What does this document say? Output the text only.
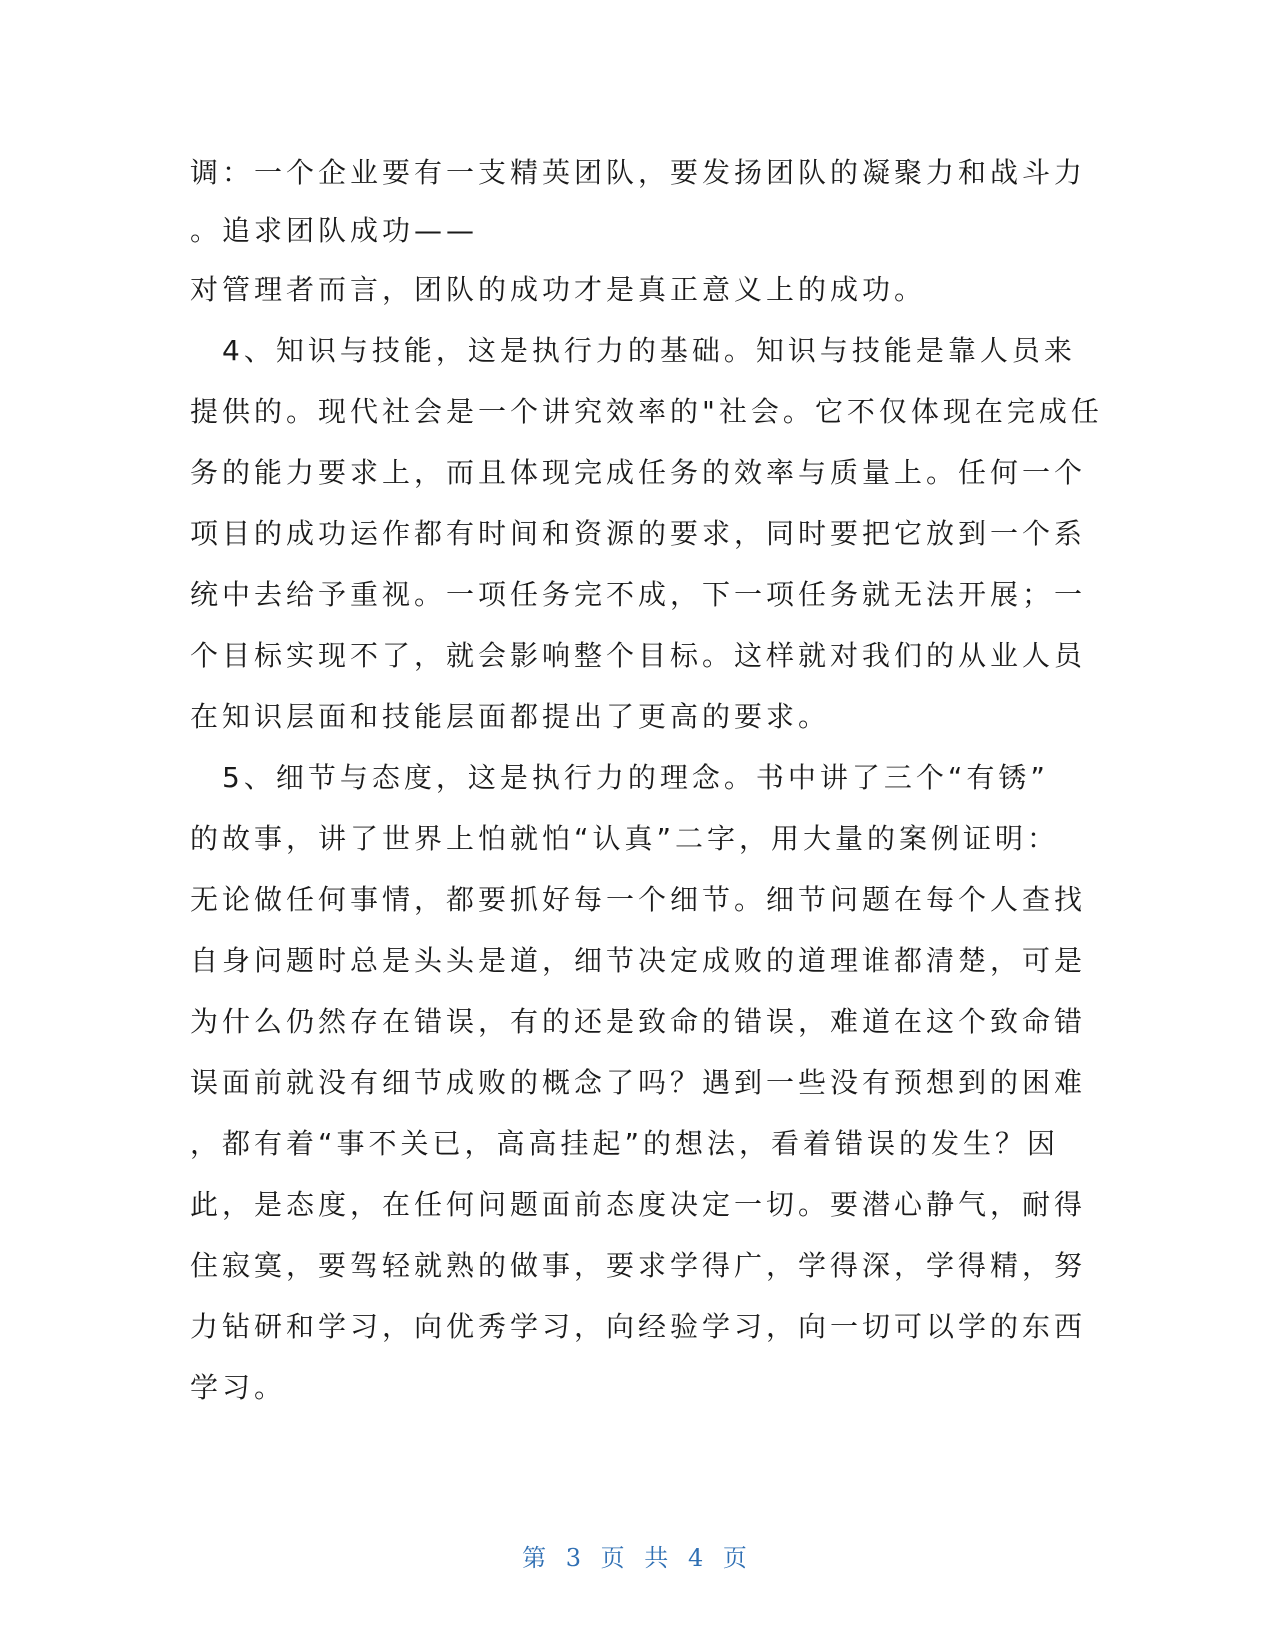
调：一个企业要有一支精英团队，要发扬团队的凝聚力和战斗力
。追求团队成功——
对管理者而言，团队的成功才是真正意义上的成功。
　4、知识与技能，这是执行力的基础。知识与技能是靠人员来
提供的。现代社会是一个讲究效率的"社会。它不仅体现在完成任
务的能力要求上，而且体现完成任务的效率与质量上。任何一个
项目的成功运作都有时间和资源的要求，同时要把它放到一个系
统中去给予重视。一项任务完不成，下一项任务就无法开展；一
个目标实现不了，就会影响整个目标。这样就对我们的从业人员
在知识层面和技能层面都提出了更高的要求。
　5、细节与态度，这是执行力的理念。书中讲了三个“有锈”
的故事，讲了世界上怕就怕“认真”二字，用大量的案例证明：
无论做任何事情，都要抓好每一个细节。细节问题在每个人查找
自身问题时总是头头是道，细节决定成败的道理谁都清楚，可是
为什么仍然存在错误，有的还是致命的错误，难道在这个致命错
误面前就没有细节成败的概念了吗？遇到一些没有预想到的困难
，都有着“事不关已，高高挂起”的想法，看着错误的发生？因
此，是态度，在任何问题面前态度决定一切。要潜心静气，耐得
住寂寞，要驾轻就熟的做事，要求学得广，学得深，学得精，努
力钻研和学习，向优秀学习，向经验学习，向一切可以学的东西
学习。
第 3 页 共 4 页
